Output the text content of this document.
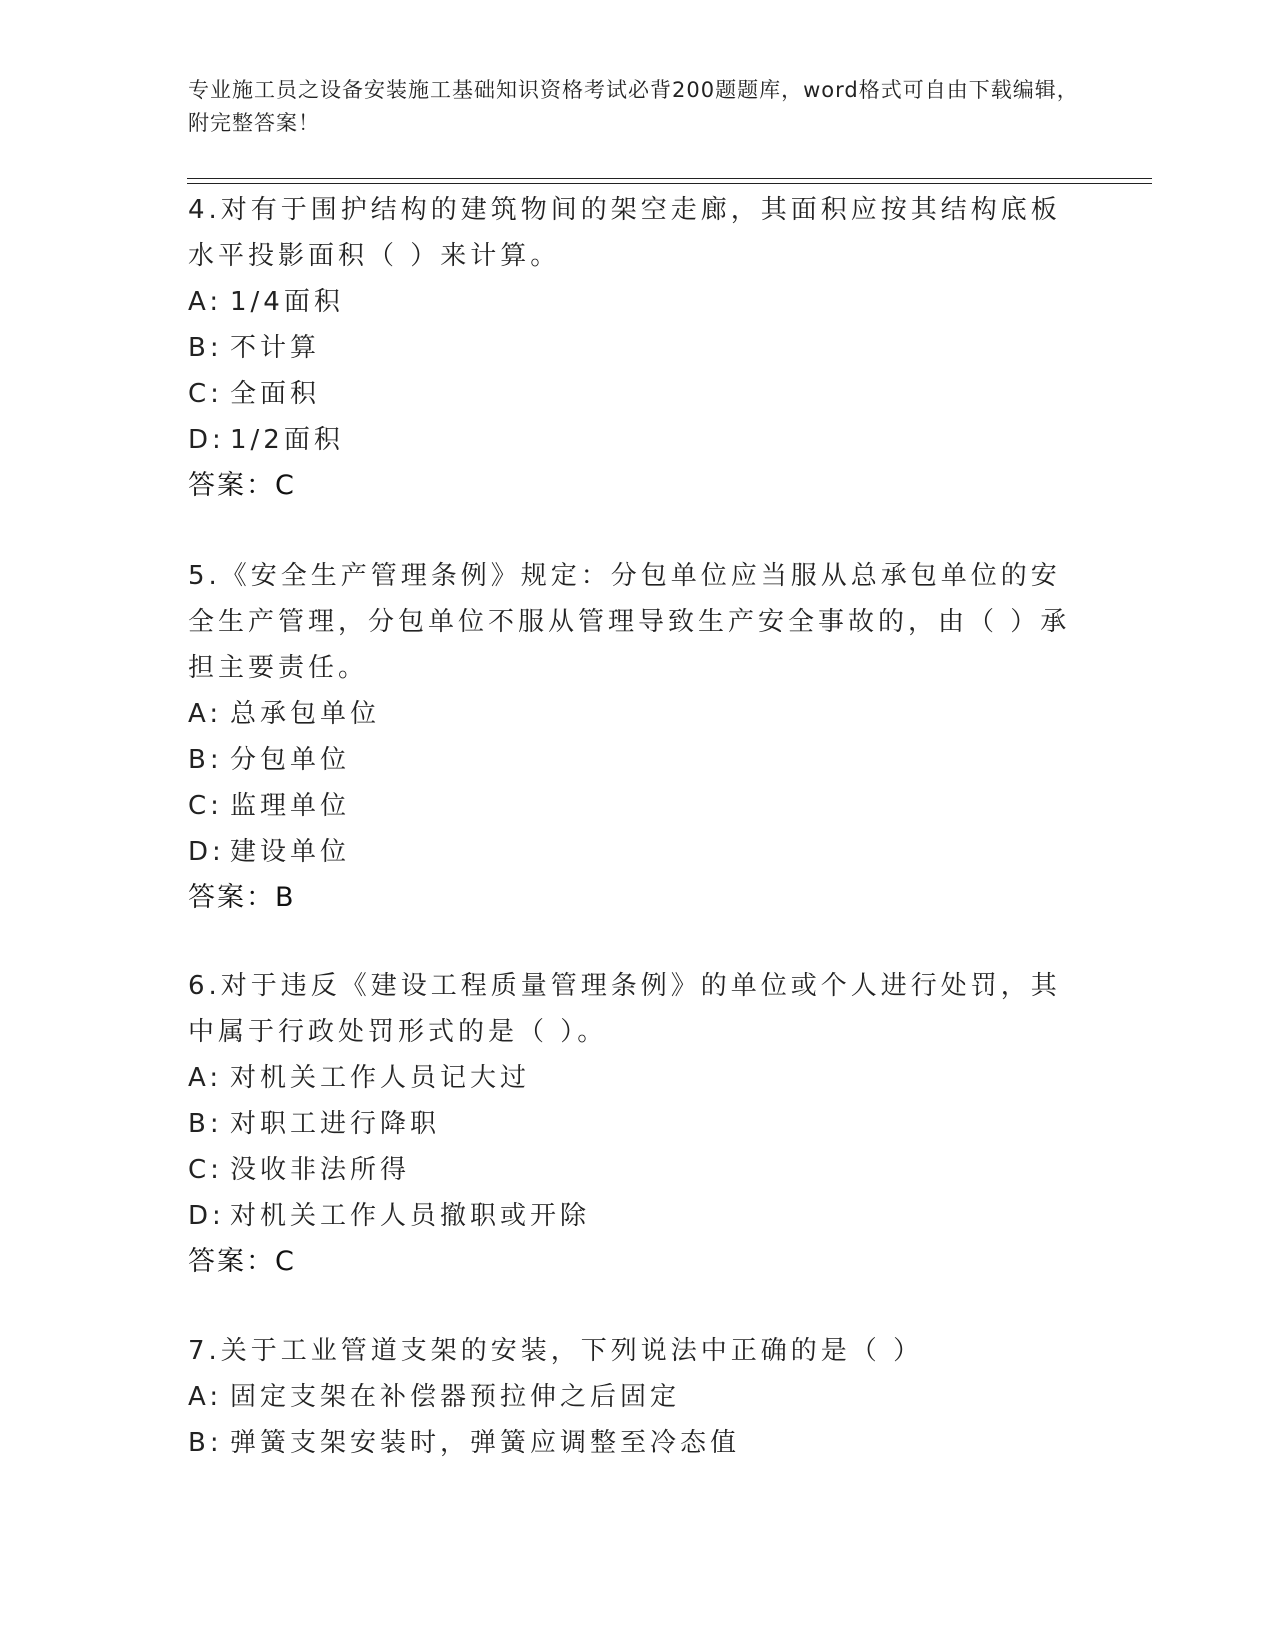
专业施工员之设备安装施工基础知识资格考试必背200题题库，word格式可自由下载编辑，附完整答案！

4.对有于围护结构的建筑物间的架空走廊，其面积应按其结构底板水平投影面积（ ）来计算。

A: 1/4面积
B: 不计算
C: 全面积
D: 1/2面积
答案：C

5.《安全生产管理条例》规定：分包单位应当服从总承包单位的安全生产管理，分包单位不服从管理导致生产安全事故的，由（ ）承担主要责任。

A: 总承包单位
B: 分包单位
C: 监理单位
D: 建设单位
答案：B

6.对于违反《建设工程质量管理条例》的单位或个人进行处罚，其中属于行政处罚形式的是（ ）。

A: 对机关工作人员记大过
B: 对职工进行降职
C: 没收非法所得
D: 对机关工作人员撤职或开除
答案：C

7.关于工业管道支架的安装，下列说法中正确的是（ ）

A: 固定支架在补偿器预拉伸之后固定
B: 弹簧支架安装时，弹簧应调整至冷态值
